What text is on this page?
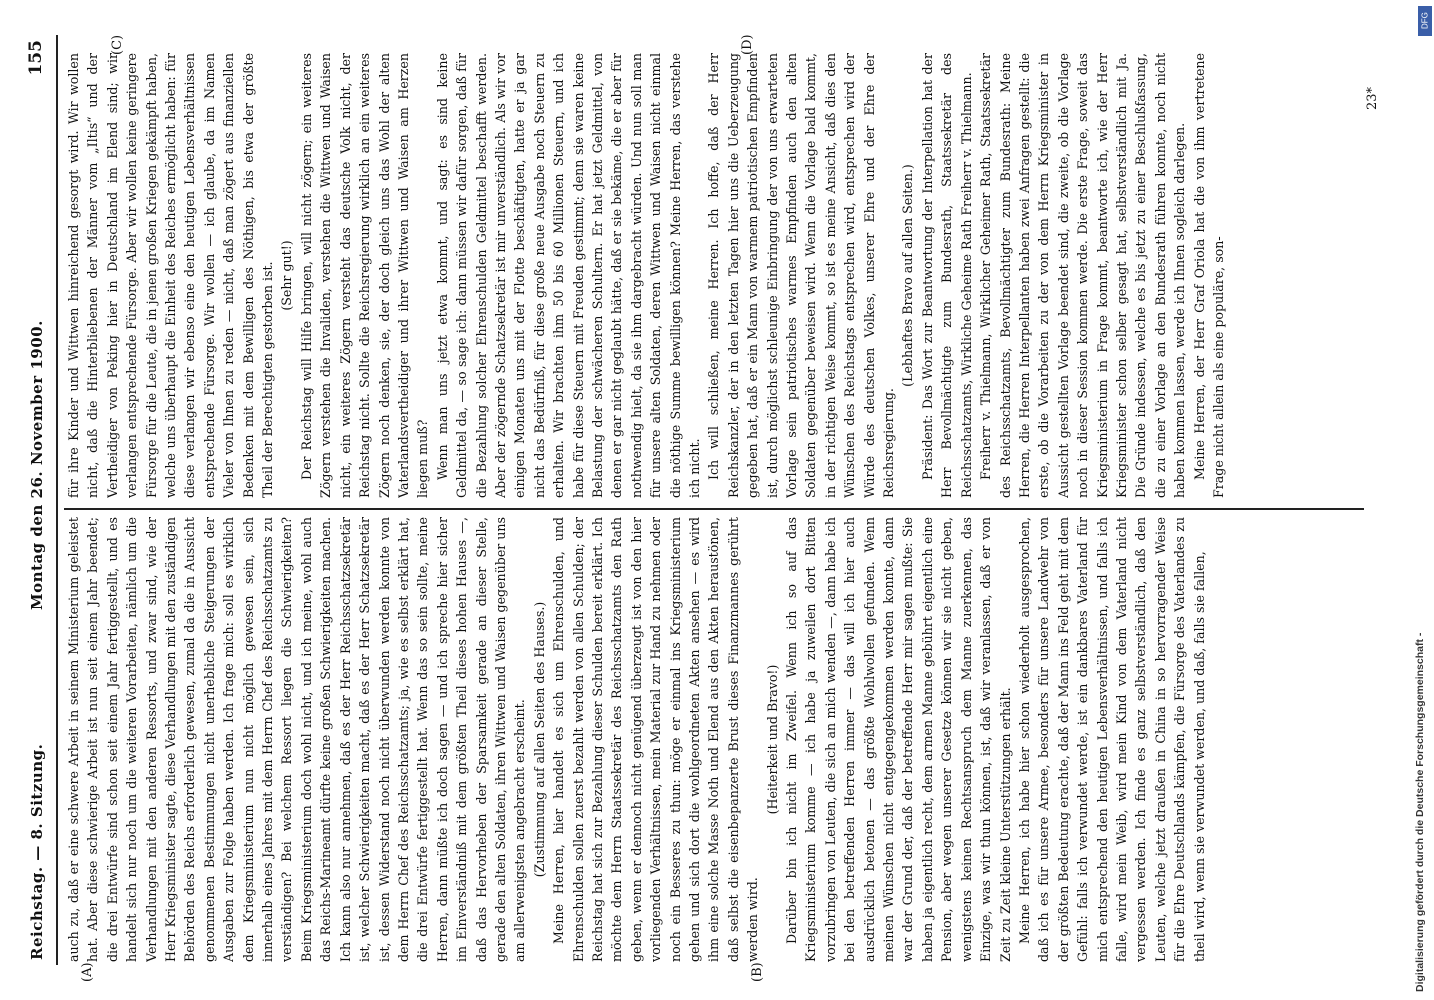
Reichstag. — 8. Sitzung.
Montag den 26. November 1900.
155

auch zu, daß er eine schwere Arbeit in seinem Ministerium geleistet hat. Aber diese schwierige Arbeit ist nun seit einem Jahr beendet; die drei Entwürfe sind schon seit einem Jahr fertiggestellt, und es handelt sich nur noch um die weiteren Vorarbeiten, nämlich um die Verhandlungen mit den anderen Ressorts, und zwar sind, wie der Herr Kriegsminister sagte, diese Verhandlungen mit den zuständigen Behörden des Reichs erforderlich gewesen, zumal da die in Aussicht genommenen Bestimmungen nicht unerhebliche Steigerungen der Ausgaben zur Folge haben werden. Ich frage mich: soll es wirklich dem Kriegsministerium nun nicht möglich gewesen sein, sich innerhalb eines Jahres mit dem Herrn Chef des Reichsschatzamts zu verständigen? Bei welchem Ressort liegen die Schwierigkeiten? Beim Kriegsministerium doch wohl nicht, und ich meine, wohl auch das Reichs-Marineamt dürfte keine großen Schwierigkeiten machen. Ich kann also nur annehmen, daß es der Herr Reichsschatzsekretär ist, welcher Schwierigkeiten macht, daß es der Herr Schatzsekretär ist, dessen Widerstand noch nicht überwunden werden konnte von dem Herrn Chef des Reichsschatzamts; ja, wie es selbst erklärt hat, die drei Entwürfe fertiggestellt hat. Wenn das so sein sollte, meine Herren, dann müßte ich doch sagen — und ich spreche hier sicher im Einverständniß mit dem größten Theil dieses hohen Hauses —, daß das Hervorheben der Sparsamkeit gerade an dieser Stelle, gerade den alten Soldaten, ihren Wittwen und Waisen gegenüber uns am allerwenigsten angebracht erscheint. (Zustimmung auf allen Seiten des Hauses.) Meine Herren, hier handelt es sich um Ehrenschulden, und Ehrenschulden sollen zuerst bezahlt werden von allen Schulden; der Reichstag hat sich zur Bezahlung dieser Schulden bereit erklärt. Ich möchte dem Herrn Staatssekretär des Reichsschatzamts den Rath geben, wenn er dennoch nicht genügend überzeugt ist von den hier vorliegenden Verhältnissen, mein Material zur Hand zu nehmen oder noch ein Besseres zu thun: möge er einmal ins Kriegsministerium gehen und sich dort die wohlgeordneten Akten ansehen — es wird ihm eine solche Masse Noth und Elend aus den Akten heraustönen, daß selbst die eisenbepanzerte Brust dieses Finanzmannes gerührt werden wird.

(Heiterkeit und Bravo!) Darüber bin ich nicht im Zweifel. Wenn ich so auf das Kriegsministerium komme — ich habe ja zuweilen dort Bitten vorzubringen von Leuten, die sich an mich wenden —, dann habe ich bei den betreffenden Herren immer — das will ich hier auch ausdrücklich betonen — das größte Wohlwollen gefunden. Wenn meinen Wünschen nicht entgegengekommen werden konnte, dann war der Grund der, daß der betreffende Herr mir sagen mußte: Sie haben ja eigentlich recht, dem armen Manne gebührt eigentlich eine Pension, aber wegen unserer Gesetze können wir sie nicht geben, wenigstens keinen Rechtsanspruch dem Manne zuerkennen, das Einzige, was wir thun können, ist, daß wir veranlassen, daß er von Zeit zu Zeit kleine Unterstützungen erhält. Meine Herren, ich habe hier schon wiederholt ausgesprochen, daß ich es für unsere Armee, besonders für unsere Landwehr von der größten Bedeutung erachte, daß der Mann ins Feld geht mit dem Gefühl: falls ich verwundet werde, ist ein dankbares Vaterland für mich entsprechend den heutigen Lebensverhältnissen, und falls ich falle, wird mein Weib, wird mein Kind von dem Vaterland nicht vergessen werden. Ich finde es ganz selbstverständlich, daß den Leuten, welche jetzt draußen in China in so hervorragender Weise für die Ehre Deutschlands kämpfen, die Fürsorge des Vaterlandes zu theil wird, wenn sie verwundet werden, und daß, falls sie fallen,

für ihre Kinder und Wittwen hinreichend gesorgt wird. Wir wollen nicht, daß die Hinterbliebenen der Männer vom „Iltis“ und der Vertheidiger von Peking hier in Deutschland im Elend sind; wir verlangen entsprechende Fürsorge. Aber wir wollen keine geringere Fürsorge für die Leute, die in jenen großen Kriegen gekämpft haben, welche uns überhaupt die Einheit des Reiches ermöglicht haben: für diese verlangen wir ebenso eine den heutigen Lebensverhältnissen entsprechende Fürsorge. Wir wollen — ich glaube, da im Namen Vieler von Ihnen zu reden — nicht, daß man zögert aus finanziellen Bedenken mit dem Bewilligen des Nöthigen, bis etwa der größte Theil der Berechtigten gestorben ist. (Sehr gut!) Der Reichstag will Hilfe bringen, will nicht zögern; ein weiteres Zögern verstehen die Invaliden, verstehen die Wittwen und Waisen nicht, ein weiteres Zögern versteht das deutsche Volk nicht, der Reichstag nicht. Sollte die Reichsregierung wirklich an ein weiteres Zögern noch denken, sie, der doch gleich uns das Wohl der alten Vaterlandsvertheidiger und ihrer Wittwen und Waisen am Herzen liegen muß? Wenn man uns jetzt etwa kommt, und sagt: es sind keine Geldmittel da, — so sage ich: dann müssen wir dafür sorgen, daß für die Bezahlung solcher Ehrenschulden Geldmittel beschafft werden. Aber der zögernde Schatzsekretär ist mir unverständlich. Als wir vor einigen Monaten uns mit der Flotte beschäftigten, hatte er ja gar nicht das Bedürfniß, für diese große neue Ausgabe noch Steuern zu erhalten. Wir brachten ihm 50 bis 60 Millionen Steuern, und ich habe für diese Steuern mit Freuden gestimmt; denn sie waren keine Belastung der schwächeren Schultern. Er hat jetzt Geldmittel, von denen er gar nicht geglaubt hätte, daß er sie bekäme, die er aber für nothwendig hielt, da sie ihm dargebracht würden. Und nun soll man für unsere alten Soldaten, deren Wittwen und Waisen nicht einmal die nöthige Summe bewilligen können? Meine Herren, das verstehe ich nicht. Ich will schließen, meine Herren. Ich hoffe, daß der Herr Reichskanzler, der in den letzten Tagen hier uns die Ueberzeugung gegeben hat, daß er ein Mann von warmem patriotischen Empfinden ist, durch möglichst schleunige Einbringung der von uns erwarteten Vorlage sein patriotisches warmes Empfinden auch den alten Soldaten gegenüber beweisen wird. Wenn die Vorlage bald kommt, in der richtigen Weise kommt, so ist es meine Ansicht, daß dies den Wünschen des Reichstags entsprechen wird, entsprechen wird der Würde des deutschen Volkes, unserer Ehre und der Ehre der Reichsregierung.

(Lebhaftes Bravo auf allen Seiten.) Präsident: Das Wort zur Beantwortung der Interpellation hat der Herr Bevollmächtigte zum Bundesrath, Staatssekretär des Reichsschatzamts, Wirkliche Geheime Rath Freiherr v. Thielmann. Freiherr v. Thielmann, Wirklicher Geheimer Rath, Staatssekretär des Reichsschatzamts, Bevollmächtigter zum Bundesrath: Meine Herren, die Herren Interpellanten haben zwei Anfragen gestellt: die erste, ob die Vorarbeiten zu der von dem Herrn Kriegsminister in Aussicht gestellten Vorlage beendet sind, die zweite, ob die Vorlage noch in dieser Session kommen werde. Die erste Frage, soweit das Kriegsministerium in Frage kommt, beantworte ich, wie der Herr Kriegsminister schon selber gesagt hat, selbstverständlich mit Ja. Die Gründe indessen, welche es bis jetzt zu einer Beschlußfassung, die zu einer Vorlage an den Bundesrath führen konnte, noch nicht haben kommen lassen, werde ich Ihnen sogleich darlegen. Meine Herren, der Herr Graf Oriola hat die von ihm vertretene Frage nicht allein als eine populäre, son-

(A)	(B)
(C)	(D)
23*
Digitalisierung gefördert durch die Deutsche Forschungsgemeinschaft -
DFG
